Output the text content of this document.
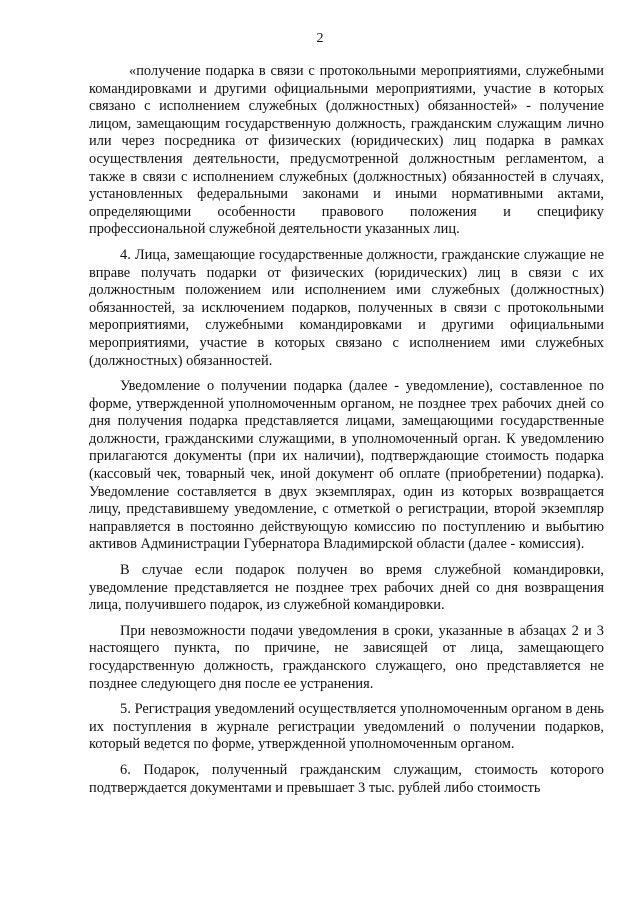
2

«получение подарка в связи с протокольными мероприятиями, служебными командировками и другими официальными мероприятиями, участие в которых связано с исполнением служебных (должностных) обязанностей» - получение лицом, замещающим государственную должность, гражданским служащим лично или через посредника от физических (юридических) лиц подарка в рамках осуществления деятельности, предусмотренной должностным регламентом, а также в связи с исполнением служебных (должностных) обязанностей в случаях, установленных федеральными законами и иными нормативными актами, определяющими особенности правового положения и специфику профессиональной служебной деятельности указанных лиц.

4. Лица, замещающие государственные должности, гражданские служащие не вправе получать подарки от физических (юридических) лиц в связи с их должностным положением или исполнением ими служебных (должностных) обязанностей, за исключением подарков, полученных в связи с протокольными мероприятиями, служебными командировками и другими официальными мероприятиями, участие в которых связано с исполнением ими служебных (должностных) обязанностей.

Уведомление о получении подарка (далее - уведомление), составленное по форме, утвержденной уполномоченным органом, не позднее трех рабочих дней со дня получения подарка представляется лицами, замещающими государственные должности, гражданскими служащими, в уполномоченный орган. К уведомлению прилагаются документы (при их наличии), подтверждающие стоимость подарка (кассовый чек, товарный чек, иной документ об оплате (приобретении) подарка). Уведомление составляется в двух экземплярах, один из которых возвращается лицу, представившему уведомление, с отметкой о регистрации, второй экземпляр направляется в постоянно действующую комиссию по поступлению и выбытию активов Администрации Губернатора Владимирской области (далее - комиссия).

В случае если подарок получен во время служебной командировки, уведомление представляется не позднее трех рабочих дней со дня возвращения лица, получившего подарок, из служебной командировки.

При невозможности подачи уведомления в сроки, указанные в абзацах 2 и 3 настоящего пункта, по причине, не зависящей от лица, замещающего государственную должность, гражданского служащего, оно представляется не позднее следующего дня после ее устранения.

5. Регистрация уведомлений осуществляется уполномоченным органом в день их поступления в журнале регистрации уведомлений о получении подарков, который ведется по форме, утвержденной уполномоченным органом.

6. Подарок, полученный гражданским служащим, стоимость которого подтверждается документами и превышает 3 тыс. рублей либо стоимость
